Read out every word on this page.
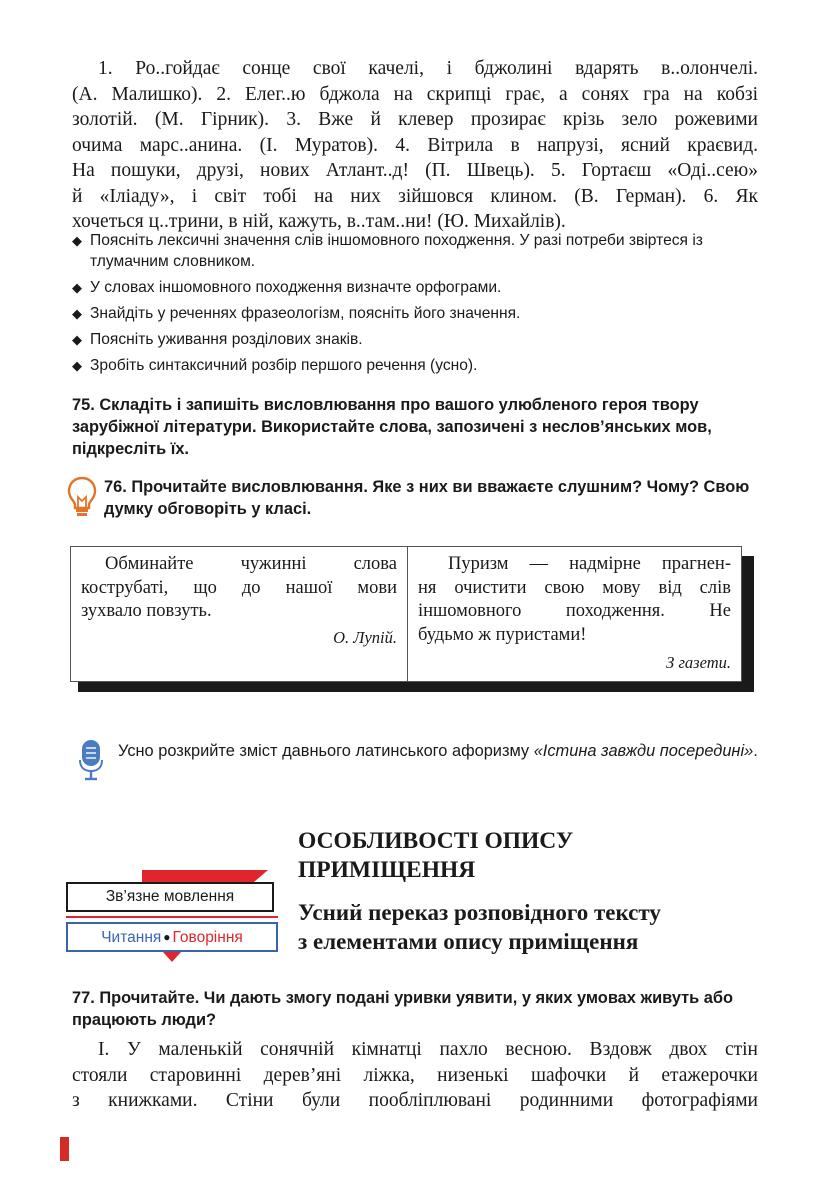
1. Ро..гойдає сонце свої качелі, і бджолині вдарять в..олончелі.
(А. Малишко). 2. Елег..ю бджола на скрипці грає, а сонях гра на кобзі
золотій. (М. Гірник). 3. Вже й клевер прозирає крізь зело рожевими
очима марс..анина. (І. Муратов). 4. Вітрила в напрузі, ясний краєвид.
На пошуки, друзі, нових Атлант..д! (П. Швець). 5. Гортаєш «Оді..сею»
й «Іліаду», і світ тобі на них зійшовся клином. (В. Герман). 6. Як
хочеться ц..трини, в ній, кажуть, в..там..ни! (Ю. Михайлів).
◆ Поясніть лексичні значення слів іншомовного походження. У разі потреби звіртеся із тлумачним словником.
◆ У словах іншомовного походження визначте орфограми.
◆ Знайдіть у реченнях фразеологізм, поясніть його значення.
◆ Поясніть уживання розділових знаків.
◆ Зробіть синтаксичний розбір першого речення (усно).
75. Складіть і запишіть висловлювання про вашого улюбленого героя твору зарубіжної літератури. Використайте слова, запозичені з неслов’янських мов, підкресліть їх.
76. Прочитайте висловлювання. Яке з них ви вважаєте слушним? Чому? Свою думку обговоріть у класі.
Обминайте чужинні слова
кострубаті, що до нашої мови
зухвало повзуть.
О. Лупій.
Пуризм — надмірне прагнен-
ня очистити свою мову від слів
іншомовного походження. Не
будьмо ж пуристами!
З газети.
Усно розкрийте зміст давнього латинського афоризму «Істина завжди посередині».
Зв’язне мовлення
Читання ● Говоріння
ОСОБЛИВОСТІ ОПИСУ
ПРИМІЩЕННЯ
Усний переказ розповідного тексту
з елементами опису приміщення
77. Прочитайте. Чи дають змогу подані уривки уявити, у яких умовах живуть або працюють люди?
І. У маленькій сонячній кімнатці пахло весною. Вздовж двох стін
стояли старовинні дерев’яні ліжка, низенькі шафочки й етажерочки
з книжками. Стіни були пообліплювані родинними фотографіями
